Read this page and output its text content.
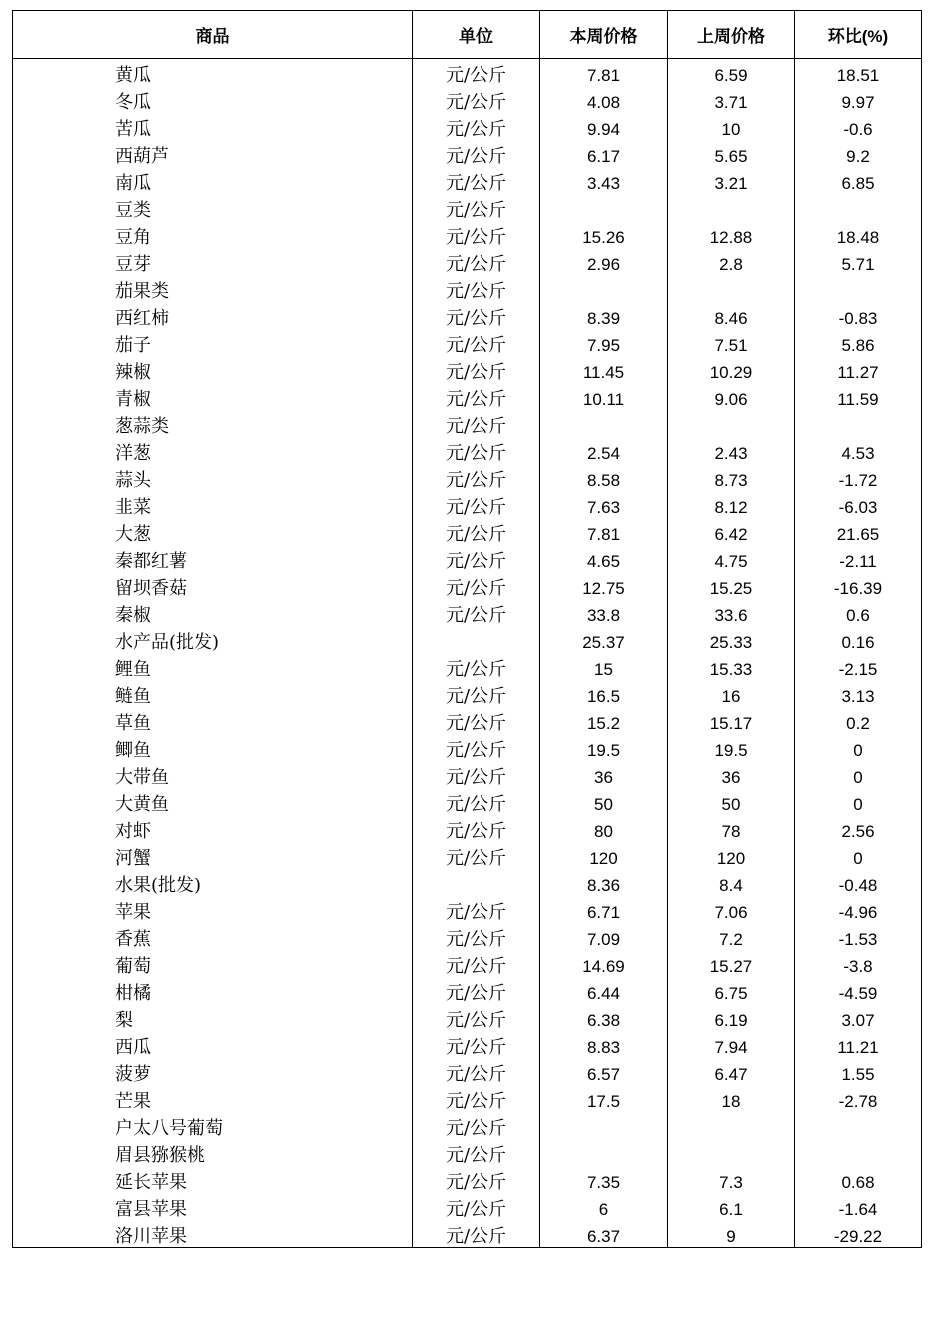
商品	单位	本周价格	上周价格	环比(%)
黄瓜	元/公斤	7.81	6.59	18.51
冬瓜	元/公斤	4.08	3.71	9.97
苦瓜	元/公斤	9.94	10	-0.6
西葫芦	元/公斤	6.17	5.65	9.2
南瓜	元/公斤	3.43	3.21	6.85
豆类	元/公斤			
豆角	元/公斤	15.26	12.88	18.48
豆芽	元/公斤	2.96	2.8	5.71
茄果类	元/公斤			
西红柿	元/公斤	8.39	8.46	-0.83
茄子	元/公斤	7.95	7.51	5.86
辣椒	元/公斤	11.45	10.29	11.27
青椒	元/公斤	10.11	9.06	11.59
葱蒜类	元/公斤			
洋葱	元/公斤	2.54	2.43	4.53
蒜头	元/公斤	8.58	8.73	-1.72
韭菜	元/公斤	7.63	8.12	-6.03
大葱	元/公斤	7.81	6.42	21.65
秦都红薯	元/公斤	4.65	4.75	-2.11
留坝香菇	元/公斤	12.75	15.25	-16.39
秦椒	元/公斤	33.8	33.6	0.6
水产品(批发)		25.37	25.33	0.16
鲤鱼	元/公斤	15	15.33	-2.15
鲢鱼	元/公斤	16.5	16	3.13
草鱼	元/公斤	15.2	15.17	0.2
鲫鱼	元/公斤	19.5	19.5	0
大带鱼	元/公斤	36	36	0
大黄鱼	元/公斤	50	50	0
对虾	元/公斤	80	78	2.56
河蟹	元/公斤	120	120	0
水果(批发)		8.36	8.4	-0.48
苹果	元/公斤	6.71	7.06	-4.96
香蕉	元/公斤	7.09	7.2	-1.53
葡萄	元/公斤	14.69	15.27	-3.8
柑橘	元/公斤	6.44	6.75	-4.59
梨	元/公斤	6.38	6.19	3.07
西瓜	元/公斤	8.83	7.94	11.21
菠萝	元/公斤	6.57	6.47	1.55
芒果	元/公斤	17.5	18	-2.78
户太八号葡萄	元/公斤			
眉县猕猴桃	元/公斤			
延长苹果	元/公斤	7.35	7.3	0.68
富县苹果	元/公斤	6	6.1	-1.64
洛川苹果	元/公斤	6.37	9	-29.22
